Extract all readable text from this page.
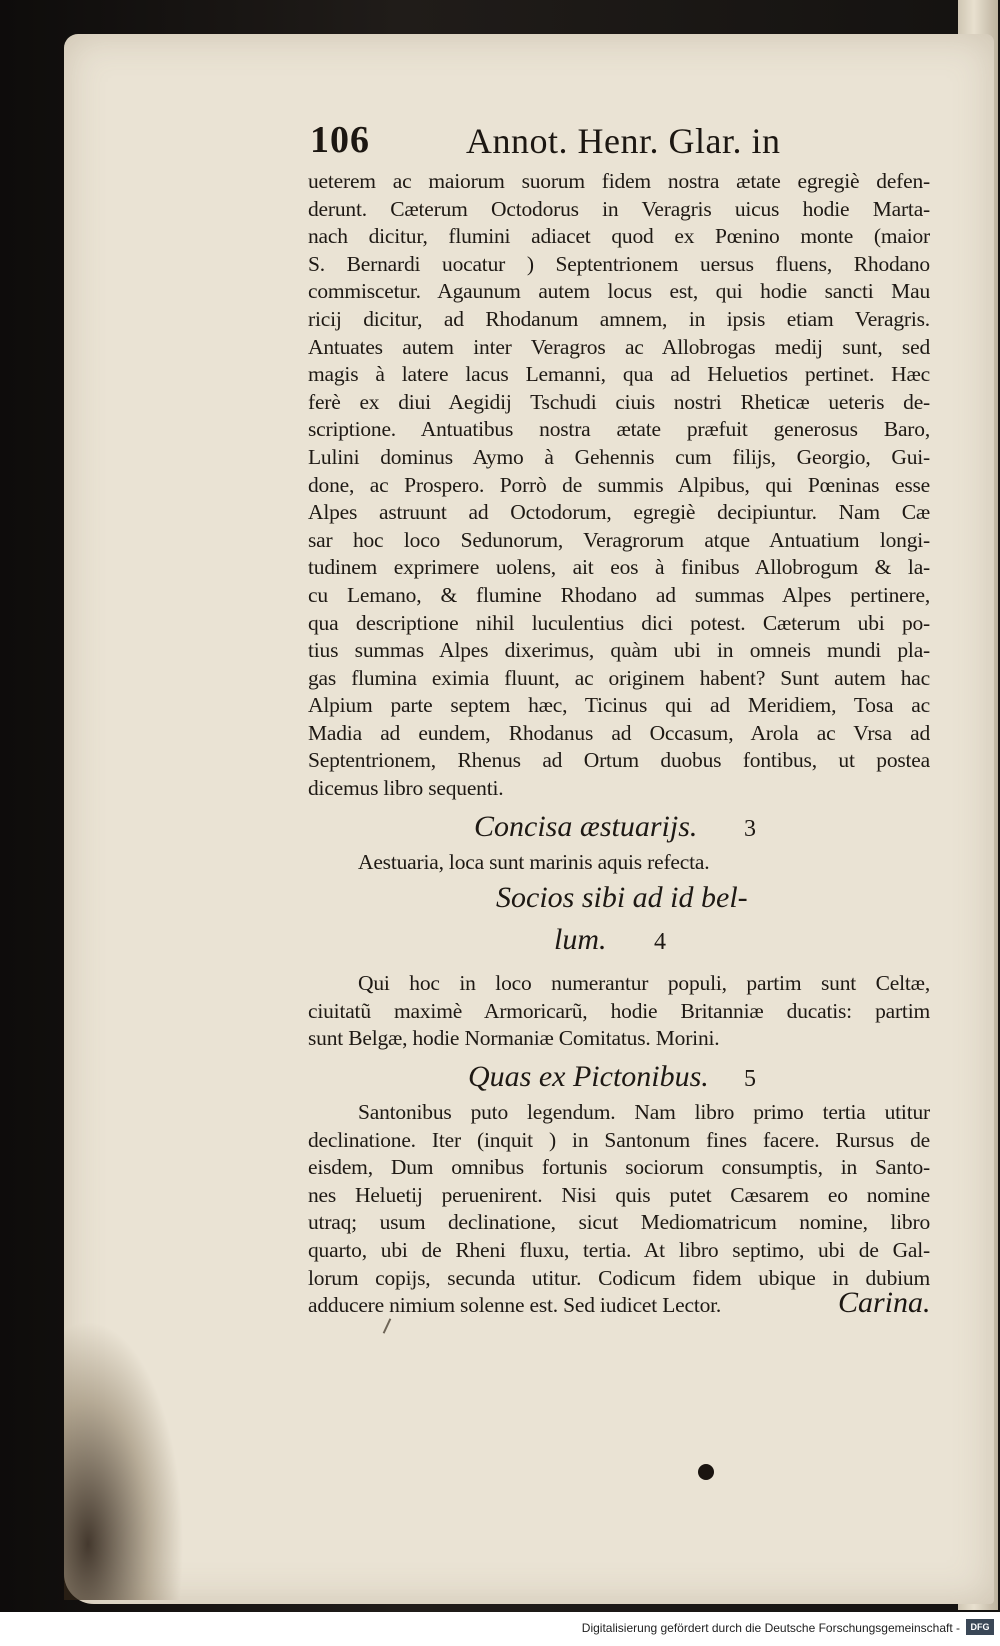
106	Annot. Henr. Glar. in
ueterem ac maiorum suorum fidem nostra ætate egregiè defen-
derunt. Cæterum Octodorus in Veragris uicus hodie Marta-
nach dicitur, flumini adiacet quod ex Pœnino monte (maior
S. Bernardi uocatur ) Septentrionem uersus fluens, Rhodano
commiscetur. Agaunum autem locus est, qui hodie sancti Mau
ricij dicitur, ad Rhodanum amnem, in ipsis etiam Veragris.
Antuates autem inter Veragros ac Allobrogas medij sunt, sed
magis à latere lacus Lemanni, qua ad Heluetios pertinet. Hæc
ferè ex diui Aegidij Tschudi ciuis nostri Rheticæ ueteris de-
scriptione. Antuatibus nostra ætate præfuit generosus Baro,
Lulini dominus Aymo à Gehennis cum filijs, Georgio, Gui-
done, ac Prospero. Porrò de summis Alpibus, qui Pœninas esse
Alpes astruunt ad Octodorum, egregiè decipiuntur. Nam Cæ
sar hoc loco Sedunorum, Veragrorum atque Antuatium longi-
tudinem exprimere uolens, ait eos à finibus Allobrogum & la-
cu Lemano, & flumine Rhodano ad summas Alpes pertinere,
qua descriptione nihil luculentius dici potest. Cæterum ubi po-
tius summas Alpes dixerimus, quàm ubi in omneis mundi pla-
gas flumina eximia fluunt, ac originem habent? Sunt autem hac
Alpium parte septem hæc, Ticinus qui ad Meridiem, Tosa ac
Madia ad eundem, Rhodanus ad Occasum, Arola ac Vrsa ad
Septentrionem, Rhenus ad Ortum duobus fontibus, ut postea
dicemus libro sequenti.
Concisa æstuarijs. 3
Aestuaria, loca sunt marinis aquis refecta.
Socios sibi ad id bel-
lum. 4
Qui hoc in loco numerantur populi, partim sunt Celtæ,
ciuitatũ maximè Armoricarũ, hodie Britanniæ ducatis: partim
sunt Belgæ, hodie Normaniæ Comitatus. Morini.
Quas ex Pictonibus. 5
Santonibus puto legendum. Nam libro primo tertia utitur
declinatione. Iter (inquit ) in Santonum fines facere. Rursus de
eisdem, Dum omnibus fortunis sociorum consumptis, in Santo-
nes Heluetij peruenirent. Nisi quis putet Cæsarem eo nomine
utraq; usum declinatione, sicut Mediomatricum nomine, libro
quarto, ubi de Rheni fluxu, tertia. At libro septimo, ubi de Gal-
lorum copijs, secunda utitur. Codicum fidem ubique in dubium
adducere nimium solenne est. Sed iudicet Lector.	Carina.
Digitalisierung gefördert durch die Deutsche Forschungsgemeinschaft -	DFG
